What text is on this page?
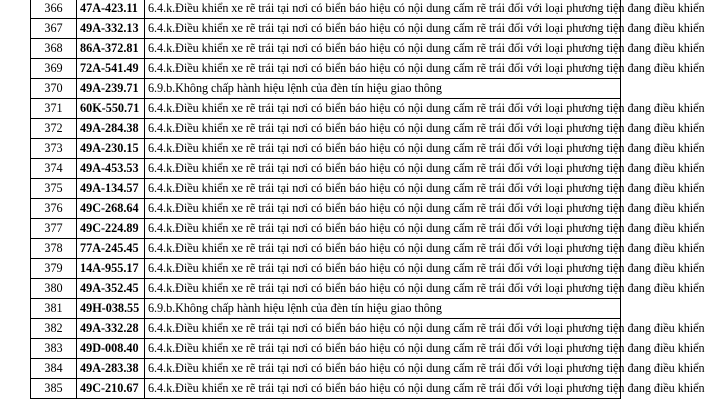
366	47A-423.11	6.4.k.Điều khiển xe rẽ trái tại nơi có biển báo hiệu có nội dung cấm rẽ trái đối với loại phương tiện đang điều khiển
367	49A-332.13	6.4.k.Điều khiển xe rẽ trái tại nơi có biển báo hiệu có nội dung cấm rẽ trái đối với loại phương tiện đang điều khiển
368	86A-372.81	6.4.k.Điều khiển xe rẽ trái tại nơi có biển báo hiệu có nội dung cấm rẽ trái đối với loại phương tiện đang điều khiển
369	72A-541.49	6.4.k.Điều khiển xe rẽ trái tại nơi có biển báo hiệu có nội dung cấm rẽ trái đối với loại phương tiện đang điều khiển
370	49A-239.71	6.9.b.Không chấp hành hiệu lệnh của đèn tín hiệu giao thông
371	60K-550.71	6.4.k.Điều khiển xe rẽ trái tại nơi có biển báo hiệu có nội dung cấm rẽ trái đối với loại phương tiện đang điều khiển
372	49A-284.38	6.4.k.Điều khiển xe rẽ trái tại nơi có biển báo hiệu có nội dung cấm rẽ trái đối với loại phương tiện đang điều khiển
373	49A-230.15	6.4.k.Điều khiển xe rẽ trái tại nơi có biển báo hiệu có nội dung cấm rẽ trái đối với loại phương tiện đang điều khiển
374	49A-453.53	6.4.k.Điều khiển xe rẽ trái tại nơi có biển báo hiệu có nội dung cấm rẽ trái đối với loại phương tiện đang điều khiển
375	49A-134.57	6.4.k.Điều khiển xe rẽ trái tại nơi có biển báo hiệu có nội dung cấm rẽ trái đối với loại phương tiện đang điều khiển
376	49C-268.64	6.4.k.Điều khiển xe rẽ trái tại nơi có biển báo hiệu có nội dung cấm rẽ trái đối với loại phương tiện đang điều khiển
377	49C-224.89	6.4.k.Điều khiển xe rẽ trái tại nơi có biển báo hiệu có nội dung cấm rẽ trái đối với loại phương tiện đang điều khiển
378	77A-245.45	6.4.k.Điều khiển xe rẽ trái tại nơi có biển báo hiệu có nội dung cấm rẽ trái đối với loại phương tiện đang điều khiển
379	14A-955.17	6.4.k.Điều khiển xe rẽ trái tại nơi có biển báo hiệu có nội dung cấm rẽ trái đối với loại phương tiện đang điều khiển
380	49A-352.45	6.4.k.Điều khiển xe rẽ trái tại nơi có biển báo hiệu có nội dung cấm rẽ trái đối với loại phương tiện đang điều khiển
381	49H-038.55	6.9.b.Không chấp hành hiệu lệnh của đèn tín hiệu giao thông
382	49A-332.28	6.4.k.Điều khiển xe rẽ trái tại nơi có biển báo hiệu có nội dung cấm rẽ trái đối với loại phương tiện đang điều khiển
383	49D-008.40	6.4.k.Điều khiển xe rẽ trái tại nơi có biển báo hiệu có nội dung cấm rẽ trái đối với loại phương tiện đang điều khiển
384	49A-283.38	6.4.k.Điều khiển xe rẽ trái tại nơi có biển báo hiệu có nội dung cấm rẽ trái đối với loại phương tiện đang điều khiển
385	49C-210.67	6.4.k.Điều khiển xe rẽ trái tại nơi có biển báo hiệu có nội dung cấm rẽ trái đối với loại phương tiện đang điều khiển
